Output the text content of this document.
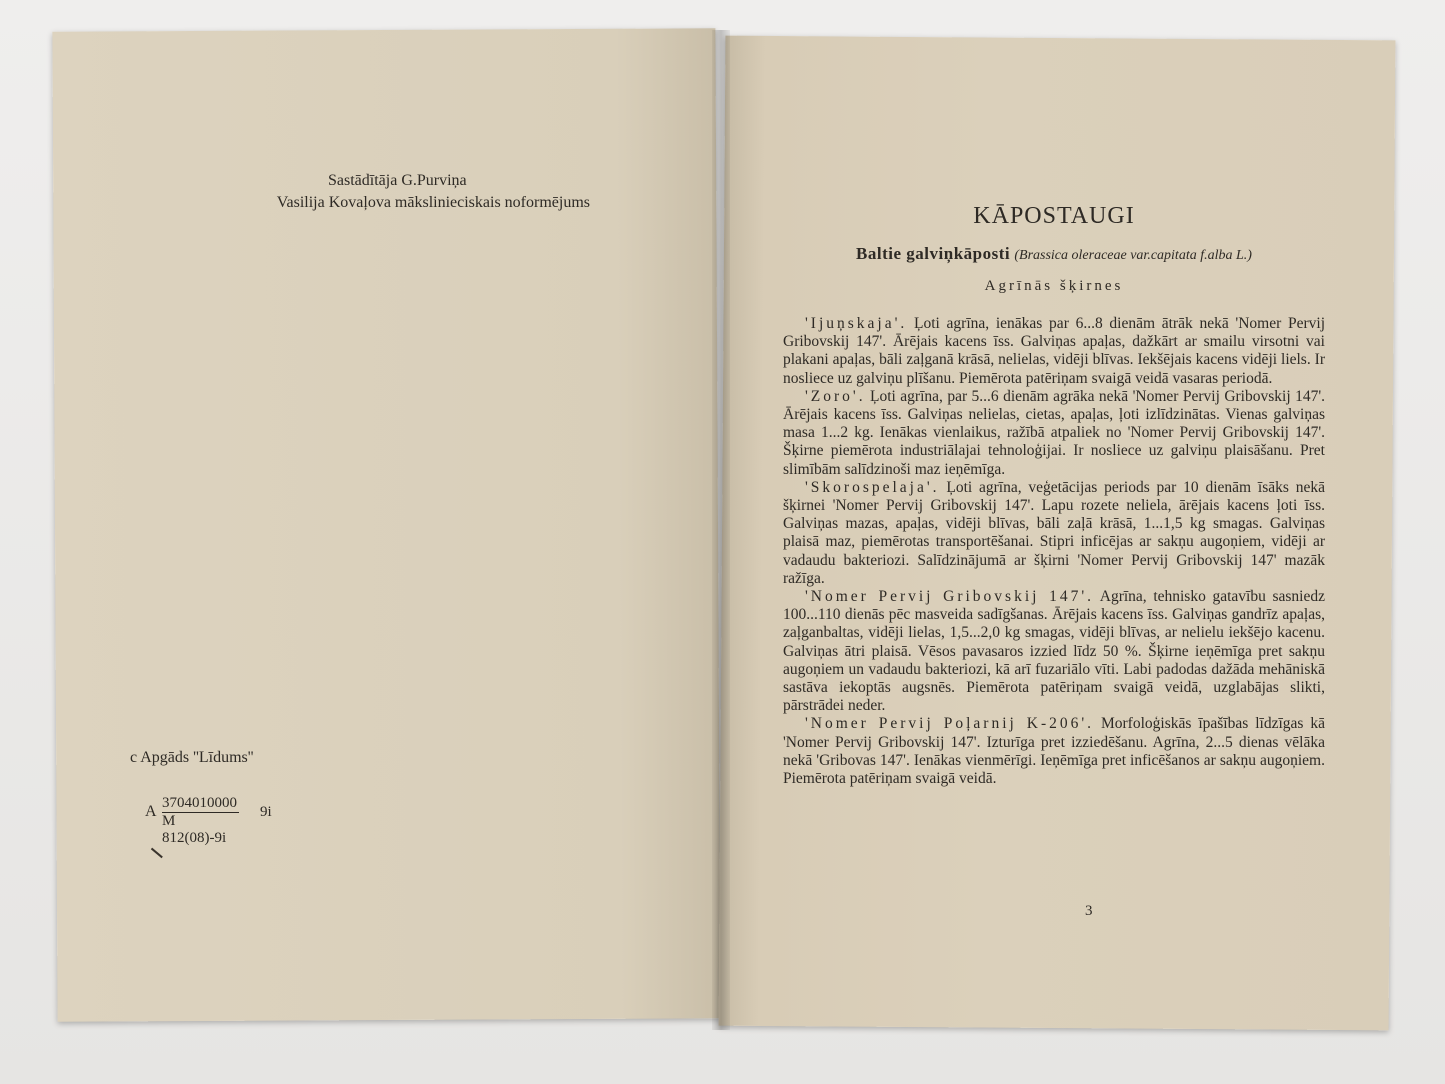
Sastādītāja G.Purviņa
Vasilija Kovaļova mākslinieciskais noformējums
c Apgāds ''Līdums''
A $\frac{3704010000}{M 812(08)-9i} 9i$
KĀPOSTAUGI
Baltie galviņkāposti (Brassica oleraceae var.capitata f.alba L.)
Agrīnās šķirnes

'Ijuņskaja'. Ļoti agrīna, ienākas par 6...8 dienām ātrāk nekā 'Nomer Pervij Gribovskij 147'. Ārējais kacens īss. Galviņas apaļas, dažkārt ar smailu virsotni vai plakani apaļas, bāli zaļganā krāsā, nelielas, vidēji blīvas. Iekšējais kacens vidēji liels. Ir nosliece uz galviņu plīšanu. Piemērota patēriņam svaigā veidā vasaras periodā.

'Zoro'. Ļoti agrīna, par 5...6 dienām agrāka nekā 'Nomer Pervij Gribovskij 147'. Ārējais kacens īss. Galviņas nelielas, cietas, apaļas, ļoti izlīdzinātas. Vienas galviņas masa 1...2 kg. Ienākas vienlaikus, ražībā atpaliek no 'Nomer Pervij Gribovskij 147'. Šķirne piemērota industriālajai tehnoloģijai. Ir nosliece uz galviņu plaisāšanu. Pret slimībām salīdzinoši maz ieņēmīga.

'Skorospelaja'. Ļoti agrīna, veģetācijas periods par 10 dienām īsāks nekā šķirnei 'Nomer Pervij Gribovskij 147'. Lapu rozete neliela, ārējais kacens ļoti īss. Galviņas mazas, apaļas, vidēji blīvas, bāli zaļā krāsā, 1...1,5 kg smagas. Galviņas plaisā maz, piemērotas transportēšanai. Stipri inficējas ar sakņu augoņiem, vidēji ar vadaudu bakteriozi. Salīdzinājumā ar šķirni 'Nomer Pervij Gribovskij 147' mazāk ražīga.

'Nomer Pervij Gribovskij 147'. Agrīna, tehnisko gatavību sasniedz 100...110 dienās pēc masveida sadīgšanas. Ārējais kacens īss. Galviņas gandrīz apaļas, zaļganbaltas, vidēji lielas, 1,5...2,0 kg smagas, vidēji blīvas, ar nelielu iekšējo kacenu. Galviņas ātri plaisā. Vēsos pavasaros izzied līdz 50 %. Šķirne ieņēmīga pret sakņu augoņiem un vadaudu bakteriozi, kā arī fuzariālo vīti. Labi padodas dažāda mehāniskā sastāva iekoptās augsnēs. Piemērota patēriņam svaigā veidā, uzglabājas slikti, pārstrādei neder.

'Nomer Pervij Poļarnij K-206'. Morfoloģiskās īpašības līdzīgas kā 'Nomer Pervij Gribovskij 147'. Izturīga pret izziedēšanu. Agrīna, 2...5 dienas vēlāka nekā 'Gribovas 147'. Ienākas vienmērīgi. Ieņēmīga pret inficēšanos ar sakņu augoņiem. Piemērota patēriņam svaigā veidā.

3
